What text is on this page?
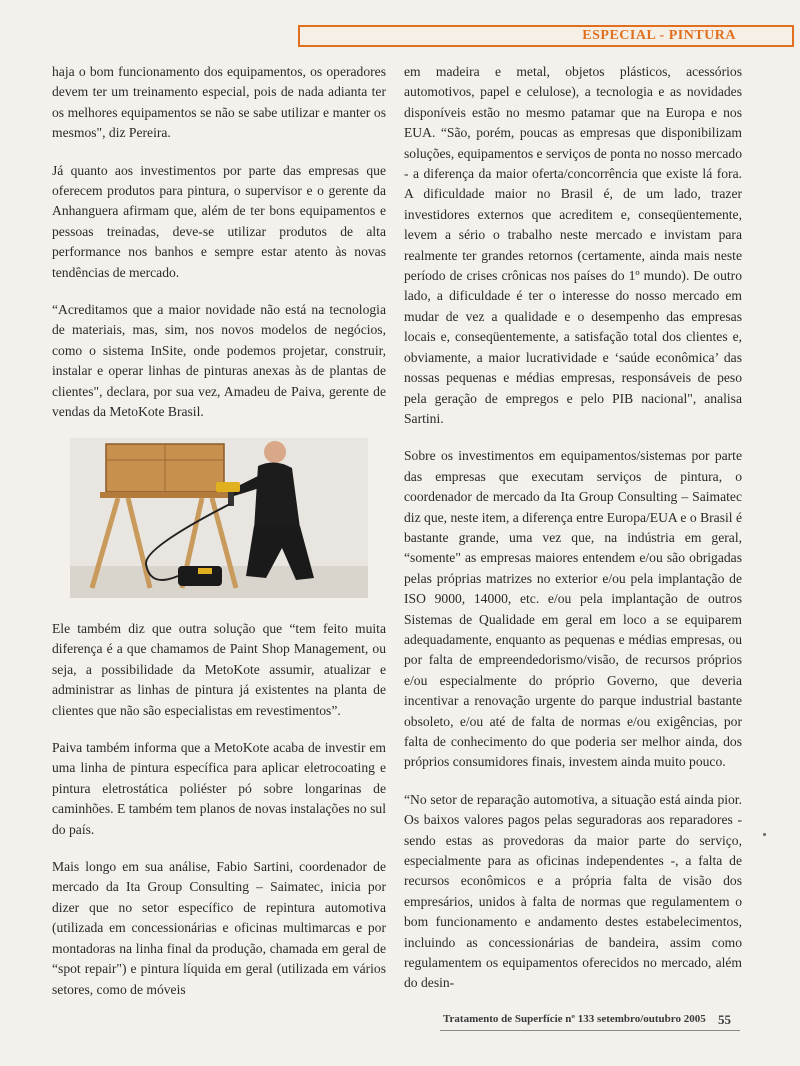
ESPECIAL - PINTURA

haja o bom funcionamento dos equipamentos, os operadores devem ter um treinamento especial, pois de nada adianta ter os melhores equipamentos se não se sabe utilizar e manter os mesmos", diz Pereira.

Já quanto aos investimentos por parte das empresas que oferecem produtos para pintura, o supervisor e o gerente da Anhanguera afirmam que, além de ter bons equipamentos e pessoas treinadas, deve-se utilizar produtos de alta performance nos banhos e sempre estar atento às novas tendências de mercado.

“Acreditamos que a maior novidade não está na tecnologia de materiais, mas, sim, nos novos modelos de negócios, como o sistema InSite, onde podemos projetar, construir, instalar e operar linhas de pinturas anexas às de plantas de clientes", declara, por sua vez, Amadeu de Paiva, gerente de vendas da MetoKote Brasil.

Ele também diz que outra solução que “tem feito muita diferença é a que chamamos de Paint Shop Management, ou seja, a possibilidade da MetoKote assumir, atualizar e administrar as linhas de pintura já existentes na planta de clientes que não são especialistas em revestimentos”.

Paiva também informa que a MetoKote acaba de investir em uma linha de pintura específica para aplicar eletrocoating e pintura eletrostática poliéster pó sobre longarinas de caminhões. E também tem planos de novas instalações no sul do país.

Mais longo em sua análise, Fabio Sartini, coordenador de mercado da Ita Group Consulting – Saimatec, inicia por dizer que no setor específico de repintura automotiva (utilizada em concessionárias e oficinas multimarcas e por montadoras na linha final da produção, chamada em geral de “spot repair") e pintura líquida em geral (utilizada em vários setores, como de móveis

em madeira e metal, objetos plásticos, acessórios automotivos, papel e celulose), a tecnologia e as novidades disponíveis estão no mesmo patamar que na Europa e nos EUA. “São, porém, poucas as empresas que disponibilizam soluções, equipamentos e serviços de ponta no nosso mercado - a diferença da maior oferta/concorrência que existe lá fora. A dificuldade maior no Brasil é, de um lado, trazer investidores externos que acreditem e, conseqüentemente, levem a sério o trabalho neste mercado e invistam para realmente ter grandes retornos (certamente, ainda mais neste período de crises crônicas nos países do 1º mundo). De outro lado, a dificuldade é ter o interesse do nosso mercado em mudar de vez a qualidade e o desempenho das empresas locais e, conseqüentemente, a satisfação total dos clientes e, obviamente, a maior lucratividade e ‘saúde econômica’ das nossas pequenas e médias empresas, responsáveis de peso pela geração de empregos e pelo PIB nacional", analisa Sartini.

Sobre os investimentos em equipamentos/sistemas por parte das empresas que executam serviços de pintura, o coordenador de mercado da Ita Group Consulting – Saimatec diz que, neste item, a diferença entre Europa/EUA e o Brasil é bastante grande, uma vez que, na indústria em geral, “somente" as empresas maiores entendem e/ou são obrigadas pelas próprias matrizes no exterior e/ou pela implantação de ISO 9000, 14000, etc. e/ou pela implantação de outros Sistemas de Qualidade em geral em loco a se equiparem adequadamente, enquanto as pequenas e médias empresas, ou por falta de empreendedorismo/visão, de recursos próprios e/ou especialmente do próprio Governo, que deveria incentivar a renovação urgente do parque industrial bastante obsoleto, e/ou até de falta de normas e/ou exigências, por falta de conhecimento do que poderia ser melhor ainda, dos próprios consumidores finais, investem ainda muito pouco.

“No setor de reparação automotiva, a situação está ainda pior. Os baixos valores pagos pelas seguradoras aos reparadores - sendo estas as provedoras da maior parte do serviço, especialmente para as oficinas independentes -, a falta de recursos econômicos e a própria falta de visão dos empresários, unidos à falta de normas que regulamentem o bom funcionamento e andamento destes estabelecimentos, incluindo as concessionárias de bandeira, assim como regulamentem os equipamentos oferecidos no mercado, além do desin-

Tratamento de Superfície nº 133 setembro/outubro 2005 55
